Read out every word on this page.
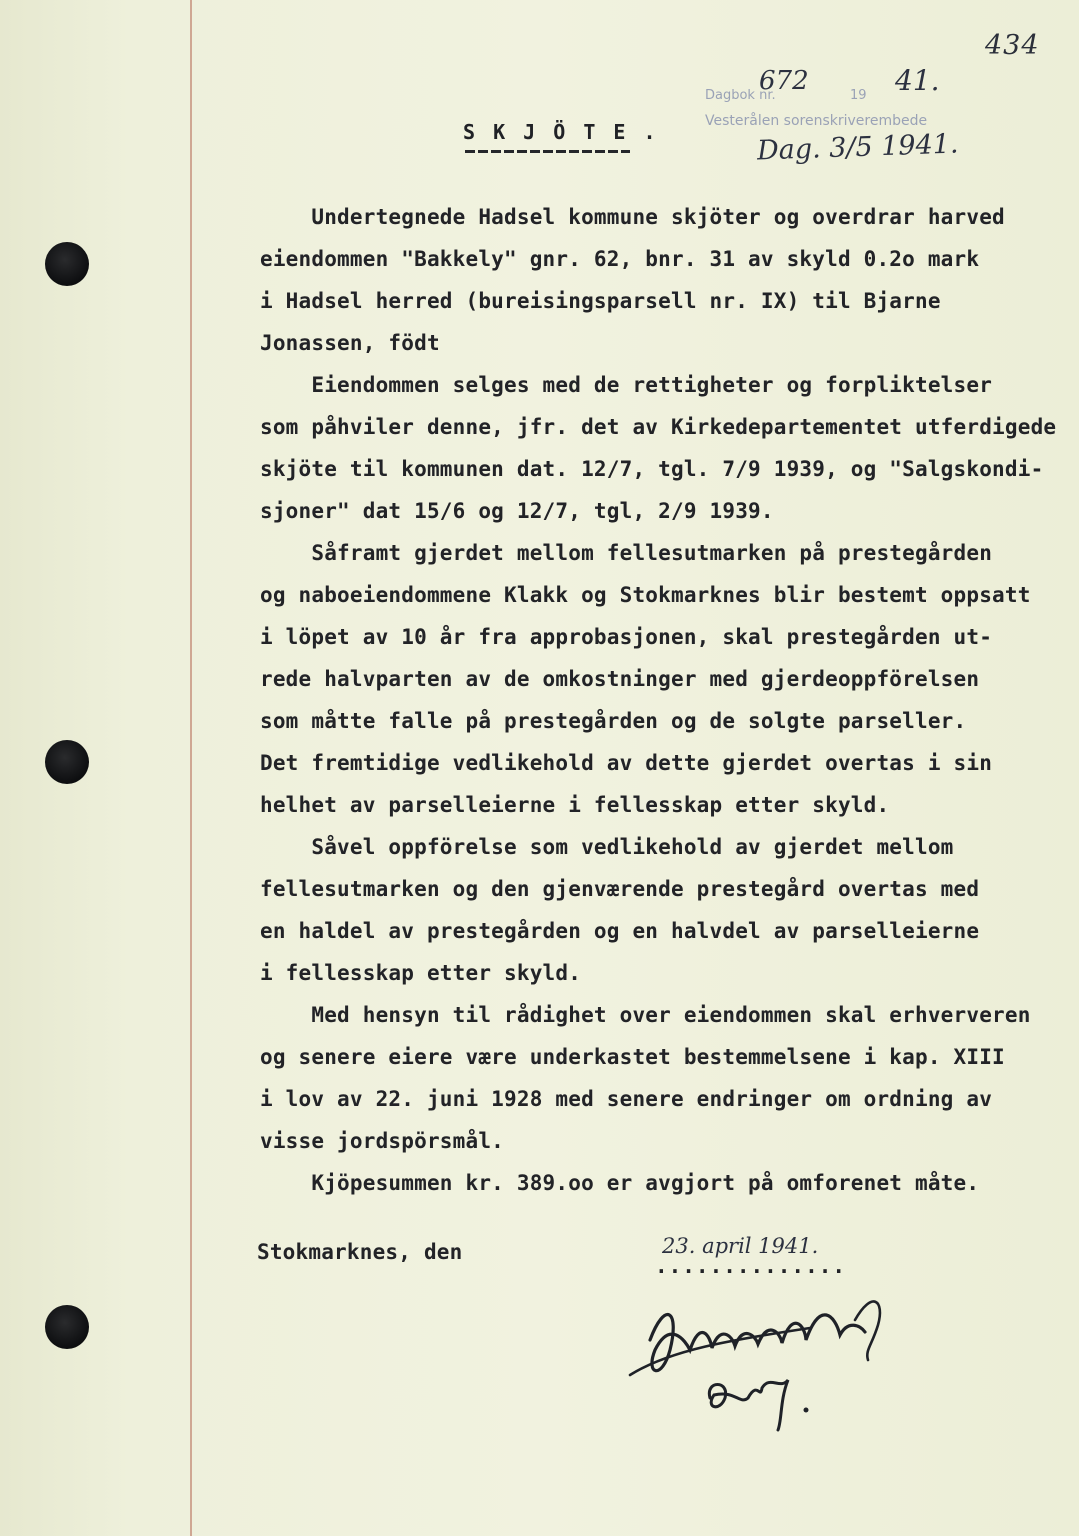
434
Dagbok nr.
672	19 41.
Vesterålen sorenskriverembede
Dag. 3/5 1941.
S K J Ö T E .
Undertegnede Hadsel kommune skjöter og overdrar harved
eiendommen "Bakkely" gnr. 62, bnr. 31 av skyld 0.2o mark
i Hadsel herred (bureisingsparsell nr. IX) til Bjarne
Jonassen, födt
Eiendommen selges med de rettigheter og forpliktelser
som påhviler denne, jfr. det av Kirkedepartementet utferdigede
skjöte til kommunen dat. 12/7, tgl. 7/9 1939, og "Salgskondi-
sjoner" dat 15/6 og 12/7, tgl, 2/9 1939.
Såframt gjerdet mellom fellesutmarken på prestegården
og naboeiendommene Klakk og Stokmarknes blir bestemt oppsatt
i löpet av 10 år fra approbasjonen, skal prestegården ut-
rede halvparten av de omkostninger med gjerdeoppförelsen
som måtte falle på prestegården og de solgte parseller.
Det fremtidige vedlikehold av dette gjerdet overtas i sin
helhet av parselleierne i fellesskap etter skyld.
Såvel oppförelse som vedlikehold av gjerdet mellom
fellesutmarken og den gjenværende prestegård overtas med
en haldel av prestegården og en halvdel av parselleierne
i fellesskap etter skyld.
Med hensyn til rådighet over eiendommen skal erhververen
og senere eiere være underkastet bestemmelsene i kap. XIII
i lov av 22. juni 1928 med senere endringer om ordning av
visse jordspörsmål.
Kjöpesummen kr. 389.oo er avgjort på omforenet måte.
Stokmarknes, den
..............
23. april 1941.
